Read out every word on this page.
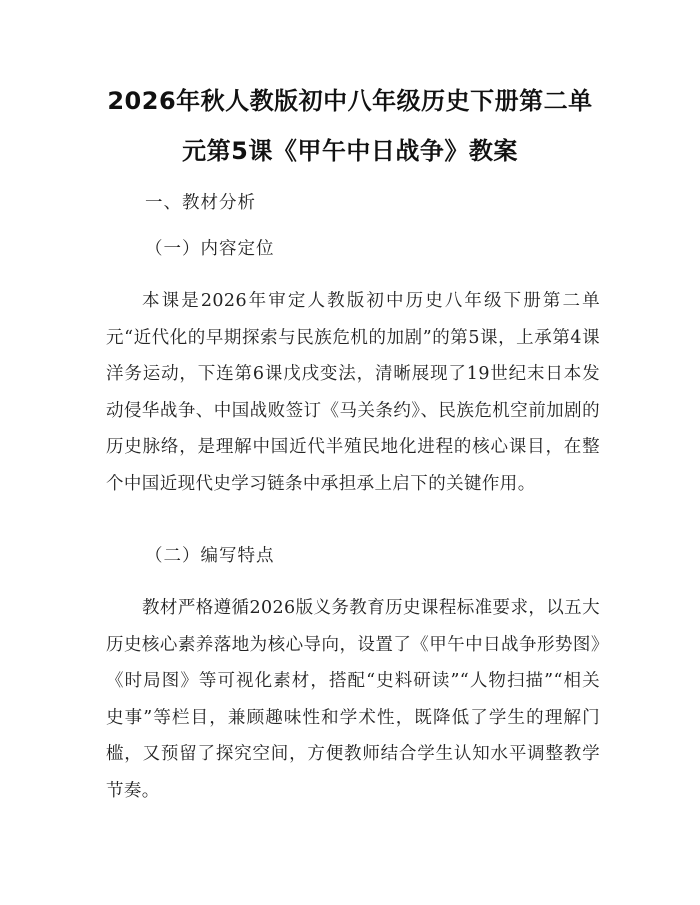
2026年秋人教版初中八年级历史下册第二单
元第5课《甲午中日战争》教案
一、教材分析
（一）内容定位

本课是2026年审定人教版初中历史八年级下册第二单元“近代化的早期探索与民族危机的加剧”的第5课，上承第4课洋务运动，下连第6课戊戌变法，清晰展现了19世纪末日本发动侵华战争、中国战败签订《马关条约》、民族危机空前加剧的历史脉络，是理解中国近代半殖民地化进程的核心课目，在整个中国近现代史学习链条中承担承上启下的关键作用。

（二）编写特点

教材严格遵循2026版义务教育历史课程标准要求，以五大历史核心素养落地为核心导向，设置了《甲午中日战争形势图》《时局图》等可视化素材，搭配“史料研读”“人物扫描”“相关史事”等栏目，兼顾趣味性和学术性，既降低了学生的理解门槛，又预留了探究空间，方便教师结合学生认知水平调整教学节奏。
